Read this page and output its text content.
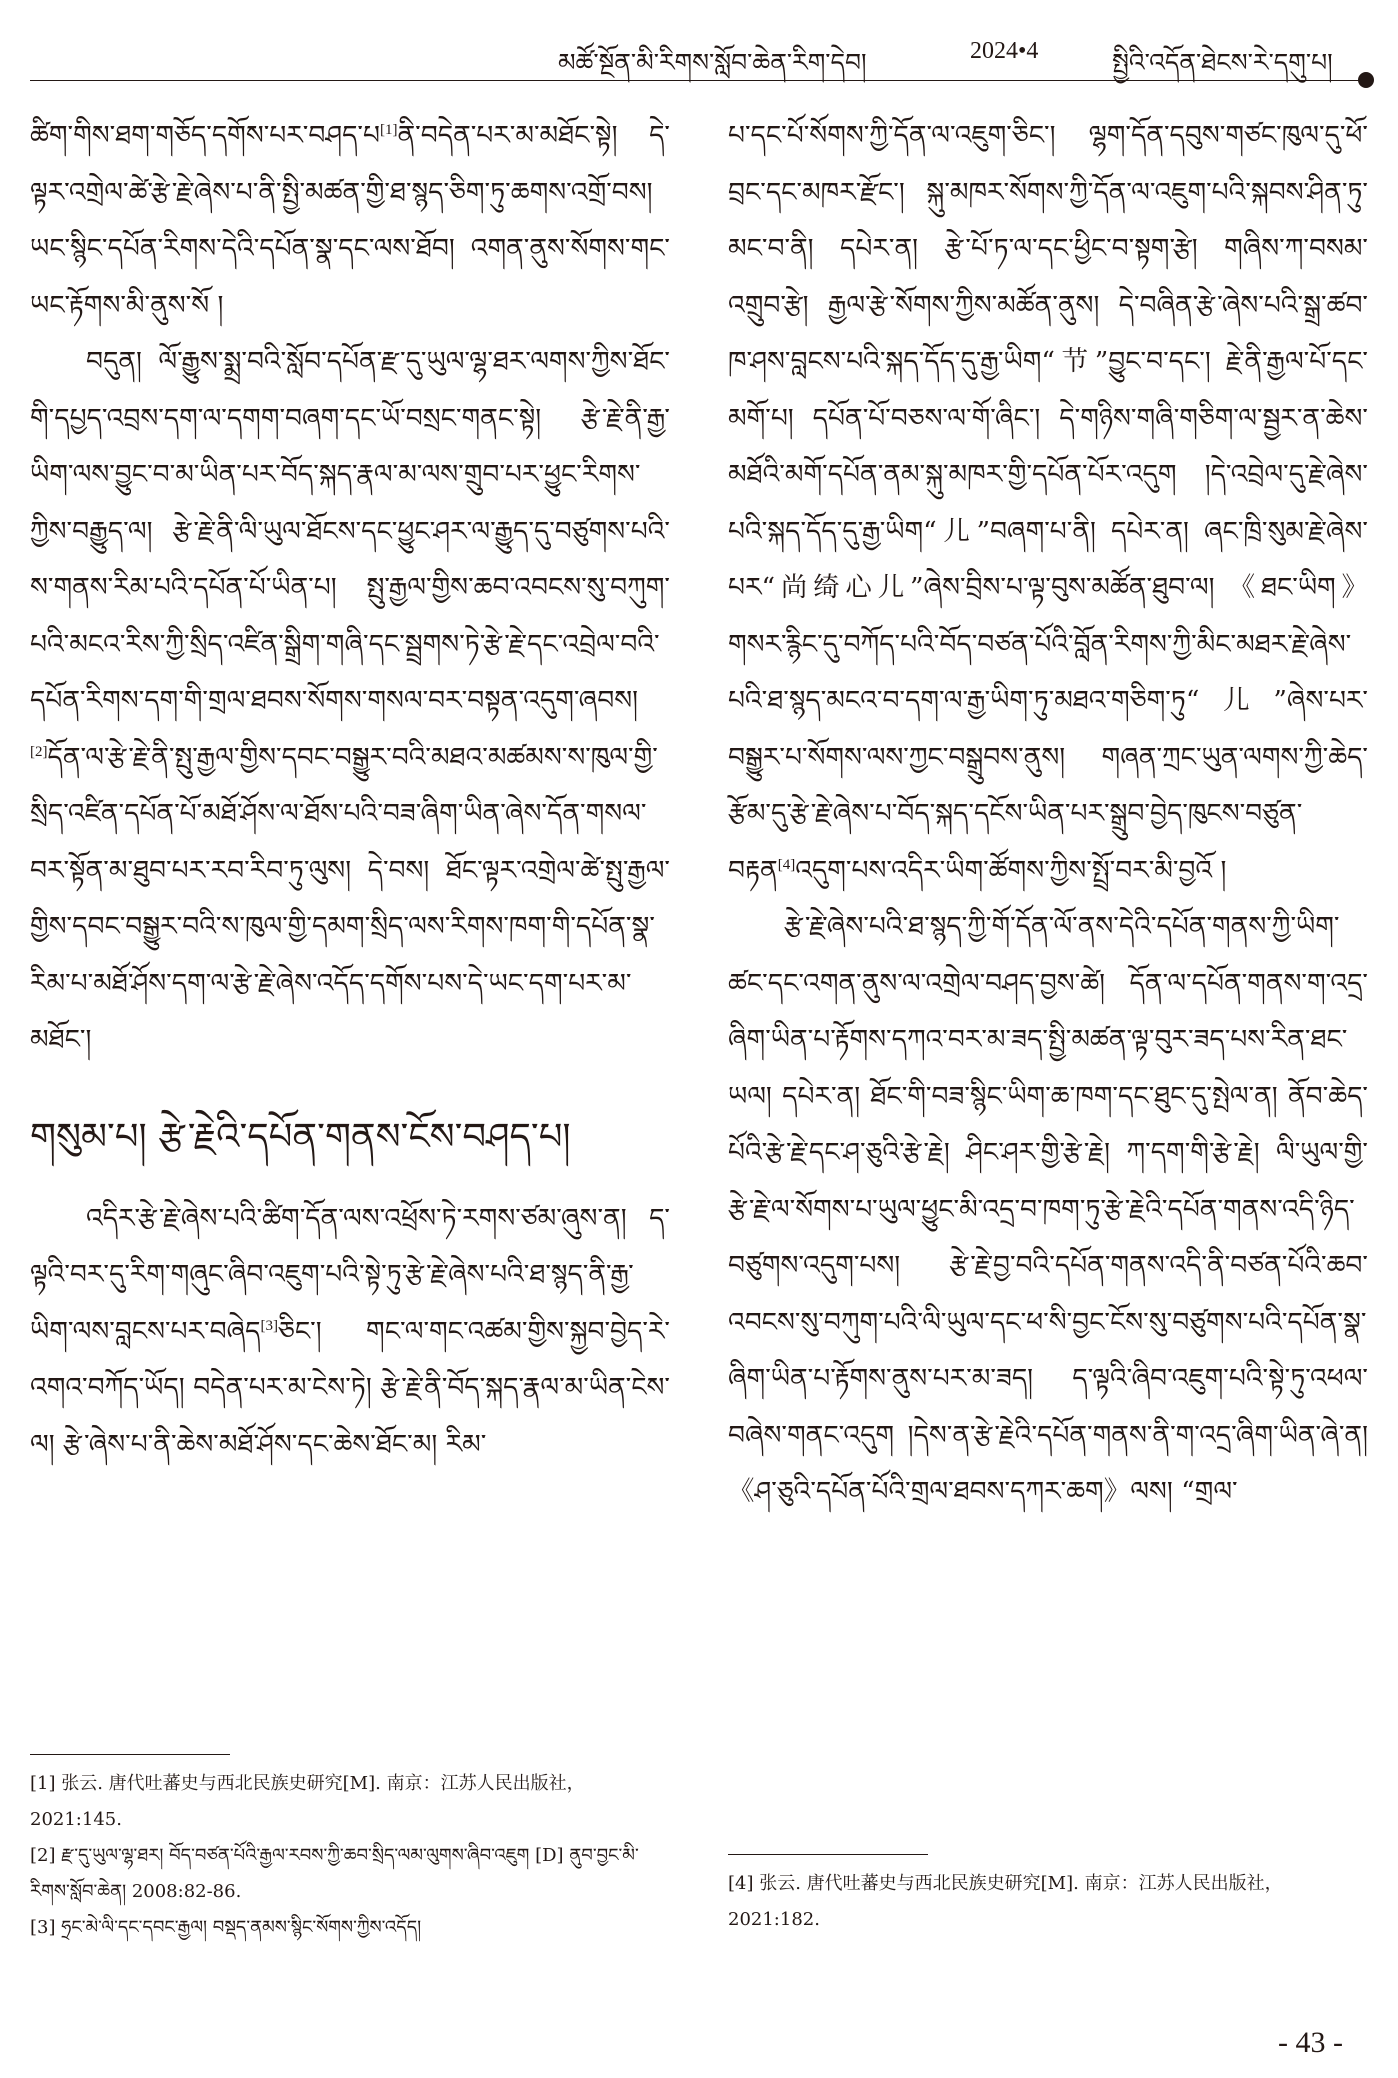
མཚོ་སྔོན་མི་རིགས་སློབ་ཆེན་རིག་དེབ།	2024•4	སྤྱིའི་འདོན་ཐེངས་རེ་དགུ་པ།

ཚིག་གིས་ཐག་གཅོད་དགོས་པར་བཤད་པ[1]ནི་བདེན་པར་མ་མཐོང་སྟེ། དེ་ལྟར་འགྲེལ་ཚེ་རྩེ་རྗེ་ཞེས་པ་ནི་སྤྱི་མཚན་གྱི་ཐ་སྙད་ཅིག་ཏུ་ཆགས་འགྲོ་བས། ཡང་སྙིང་དཔོན་རིགས་དེའི་དཔོན་སྣ་དང་ལས་ཐོབ། འགན་ནུས་སོགས་གང་ཡང་རྟོགས་མི་ནུས་སོ །

བདུན། ལོ་རྒྱུས་སྨྲ་བའི་སློབ་དཔོན་རྫ་དུ་ཡུལ་ལྷ་ཐར་ལགས་ཀྱིས་ཐོང་གི་དཔྱད་འབྲས་དག་ལ་དགག་བཞག་དང་ཡོ་བསྲང་གནང་སྟེ། རྩེ་རྗེ་ནི་རྒྱ་ཡིག་ལས་བྱུང་བ་མ་ཡིན་པར་བོད་སྐད་རྣལ་མ་ལས་གྲུབ་པར་ཕྱུང་རིགས་ཀྱིས་བརྒྱུད་ལ། རྩེ་རྗེ་ནི་ལི་ཡུལ་ཐོངས་དང་ཕྱུང་ཤར་ལ་རྒྱུད་དུ་བཙུགས་པའི་ས་གནས་རིམ་པའི་དཔོན་པོ་ཡིན་པ། སྤུ་རྒྱལ་གྱིས་ཆབ་འབངས་སུ་བཀུག་པའི་མངའ་རིས་ཀྱི་སྲིད་འཛིན་སྒྲིག་གཞི་དང་སྦྲགས་ཏེ་རྩེ་རྗེ་དང་འབྲེལ་བའི་དཔོན་རིགས་དག་གི་གྲལ་ཐབས་སོགས་གསལ་བར་བསྟན་འདུག་ཞབས།[2]དོན་ལ་རྩེ་རྗེ་ནི་སྤུ་རྒྱལ་གྱིས་དབང་བསྒྱུར་བའི་མཐའ་མཚམས་ས་ཁུལ་གྱི་སྲིད་འཛིན་དཔོན་པོ་མཐོ་ཤོས་ལ་ཐོས་པའི་བཟ་ཞིག་ཡིན་ཞེས་དོན་གསལ་བར་སྟོན་མ་ཐུབ་པར་རབ་རིབ་ཏུ་ལུས། དེ་བས། ཐོང་ལྟར་འགྲེལ་ཚེ་སྤུ་རྒྱལ་གྱིས་དབང་བསྒྱུར་བའི་ས་ཁུལ་གྱི་དམག་སྲིད་ལས་རིགས་ཁག་གི་དཔོན་སྣ་རིམ་པ་མཐོ་ཤོས་དག་ལ་རྩེ་རྗེ་ཞེས་འདོད་དགོས་པས་དེ་ཡང་དག་པར་མ་མཐོང་།

གསུམ་པ། རྩེ་རྗེའི་དཔོན་གནས་ངོས་བཤད་པ།

འདིར་རྩེ་རྗེ་ཞེས་པའི་ཚིག་དོན་ལས་འཕྲོས་ཏེ་རགས་ཙམ་ཞུས་ན། ད་ལྟའི་བར་དུ་རིག་གཞུང་ཞིབ་འཇུག་པའི་སྟེ་ཏུ་རྩེ་རྗེ་ཞེས་པའི་ཐ་སྙད་ནི་རྒྱ་ཡིག་ལས་བླངས་པར་བཞེད[3]ཅིང་། གང་ལ་གང་འཚམ་གྱིས་སྐྱབ་བྱེད་རེ་འགའ་བཀོད་ཡོད། བདེན་པར་མ་ངེས་ཏེ། རྩེ་རྗེ་ནི་བོད་སྐད་རྣལ་མ་ཡིན་ངེས་ལ། རྩེ་ཞེས་པ་ནི་ཆེས་མཐོ་ཤོས་དང་ཆེས་ཐོང་མ། རིམ་

པ་དང་པོ་སོགས་ཀྱི་དོན་ལ་འཇུག་ཅིང་། ལྷག་དོན་དབུས་གཙང་ཁུལ་དུ་ཕོ་བྲང་དང་མཁར་རྫོང་། སྐུ་མཁར་སོགས་ཀྱི་དོན་ལ་འཇུག་པའི་སྐབས་ཤིན་ཏུ་མང་བ་ནི། དཔེར་ན། རྩེ་པོ་ཏ་ལ་དང་ཕྱིང་བ་སྟག་རྩེ། གཞིས་ཀ་བསམ་འགྲུབ་རྩེ། རྒྱལ་རྩེ་སོགས་ཀྱིས་མཚོན་ནུས། དེ་བཞིན་རྩེ་ཞེས་པའི་སྒྲ་ཚབ་ཁ་ཤས་བླངས་པའི་སྐད་དོད་དུ་རྒྱ་ཡིག“节”བྱུང་བ་དང་། རྗེ་ནི་རྒྱལ་པོ་དང་མགོ་པ། དཔོན་པོ་བཅས་ལ་གོ་ཞིང་། དེ་གཉིས་གཞི་གཅིག་ལ་སྦྱར་ན་ཆེས་མཐོའི་མགོ་དཔོན་ནམ་སྐུ་མཁར་གྱི་དཔོན་པོར་འདུག །དེ་འབྲེལ་དུ་རྗེ་ཞེས་པའི་སྐད་དོད་དུ་རྒྱ་ཡིག“儿”བཞག་པ་ནི། དཔེར་ན། ཞང་ཁྲི་སུམ་རྗེ་ཞེས་པར“尚绮心儿”ཞེས་བྲིས་པ་ལྟ་བུས་མཚོན་ཐུབ་ལ། 《ཐང་ཡིག》གསར་རྙིང་དུ་བཀོད་པའི་བོད་བཙན་པོའི་བློན་རིགས་ཀྱི་མིང་མཐར་རྗེ་ཞེས་པའི་ཐ་སྙད་མངའ་བ་དག་ལ་རྒྱ་ཡིག་ཏུ་མཐའ་གཅིག་ཏུ“儿”ཞེས་པར་བསྒྱུར་པ་སོགས་ལས་ཀྱང་བསྒྲུབས་ནུས། གཞན་ཀྲང་ཡུན་ལགས་ཀྱི་ཆེད་རྩོམ་དུ་རྩེ་རྗེ་ཞེས་པ་བོད་སྐད་དངོས་ཡིན་པར་སྒྲུབ་བྱེད་ཁུངས་བཙུན་བརྟན[4]འདུག་པས་འདིར་ཡིག་ཚོགས་ཀྱིས་སྤྲོ་བར་མི་བྱའོ །

རྩེ་རྗེ་ཞེས་པའི་ཐ་སྙད་ཀྱི་གོ་དོན་ལོ་ནས་དེའི་དཔོན་གནས་ཀྱི་ཡིག་ཚང་དང་འགན་ནུས་ལ་འགྲེལ་བཤད་བྱས་ཚེ། དོན་ལ་དཔོན་གནས་ག་འདྲ་ཞིག་ཡིན་པ་རྟོགས་དཀའ་བར་མ་ཟད་སྤྱི་མཚན་ལྟ་བུར་ཟད་པས་རིན་ཐང་ཡལ། དཔེར་ན། ཐོང་གི་བཟ་སྙིང་ཡིག་ཆ་ཁག་དང་ཐུང་དུ་སྤེལ་ན། ནོབ་ཆེད་པོའི་རྩེ་རྗེ་དང་ཤ་ཅུའི་རྩེ་རྗེ། ཤིང་ཤར་གྱི་རྩེ་རྗེ། ཀ་དག་གི་རྩེ་རྗེ། ལི་ཡུལ་གྱི་རྩེ་རྗེ་ལ་སོགས་པ་ཡུལ་ཕྱུང་མི་འདྲ་བ་ཁག་ཏུ་རྩེ་རྗེའི་དཔོན་གནས་འདི་ཉིད་བཙུགས་འདུག་པས། རྩེ་རྗེ་བྱ་བའི་དཔོན་གནས་འདི་ནི་བཙན་པོའི་ཆབ་འབངས་སུ་བཀུག་པའི་ལི་ཡུལ་དང་ཕ་སི་བྱང་ངོས་སུ་བཙུགས་པའི་དཔོན་སྣ་ཞིག་ཡིན་པ་རྟོགས་ནུས་པར་མ་ཟད། ད་ལྟའི་ཞིབ་འཇུག་པའི་སྟེ་ཏུ་འཕལ་བཞེས་གནང་འདུག །དེས་ན་རྩེ་རྗེའི་དཔོན་གནས་ནི་ག་འདྲ་ཞིག་ཡིན་ཞེ་ན། 《ཤ་ཅུའི་དཔོན་པོའི་གྲལ་ཐབས་དཀར་ཆག》ལས། “གྲལ་

[1] 张云. 唐代吐蕃史与西北民族史研究[M]. 南京：江苏人民出版社，2021:145.
[2] རྫ་དུ་ཡུལ་ལྷ་ཐར། བོད་བཙན་པོའི་རྒྱལ་རབས་ཀྱི་ཆབ་སྲིད་ལམ་ལུགས་ཞིབ་འཇུག [D] ནུབ་བྱང་མི་རིགས་སློབ་ཆེན། 2008:82-86.
[3] ཧྲང་མེ་ལི་དང་དབང་རྒྱལ། བསྡད་ནམས་སྙིང་སོགས་ཀྱིས་འདོད།
[4] 张云. 唐代吐蕃史与西北民族史研究[M]. 南京：江苏人民出版社，2021:182.
- 43 -
